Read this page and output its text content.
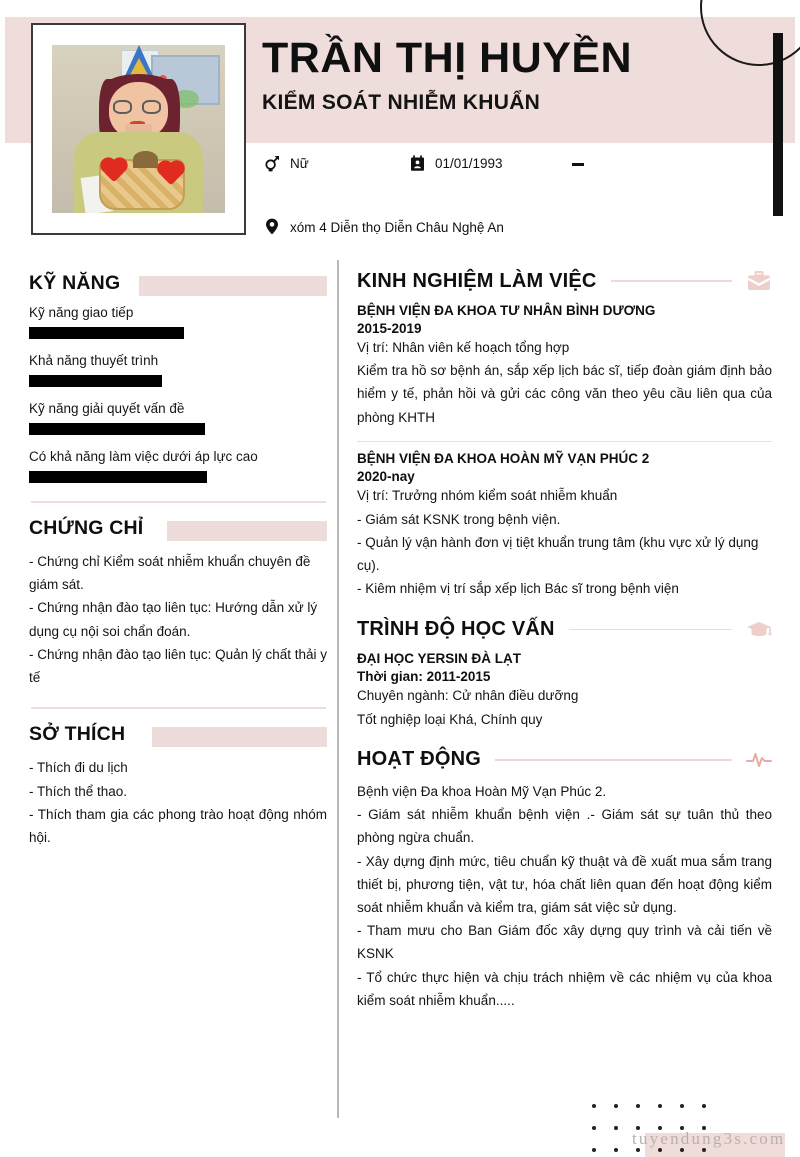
TRẦN THỊ HUYỀN
KIỂM SOÁT NHIỄM KHUẨN
Nữ	01/01/1993
xóm 4 Diễn thọ Diễn Châu Nghệ An
KỸ NĂNG
Kỹ năng giao tiếp
Khả năng thuyết trình
Kỹ năng giải quyết vấn đề
Có khả năng làm việc dưới áp lực cao
CHỨNG CHỈ
- Chứng chỉ Kiểm soát nhiễm khuẩn chuyên đề giám sát.
- Chứng nhận đào tạo liên tục: Hướng dẫn xử lý dụng cụ nội soi chẩn đoán.
- Chứng nhận đào tạo liên tục: Quản lý chất thải y tế
SỞ THÍCH
- Thích đi du lịch
- Thích thể thao.
- Thích tham gia các phong trào hoạt động nhóm hội.
KINH NGHIỆM LÀM VIỆC
BỆNH VIỆN ĐA KHOA TƯ NHÂN BÌNH DƯƠNG
2015-2019
Vị trí: Nhân viên kế hoạch tổng hợp
Kiểm tra hồ sơ bệnh án, sắp xếp lịch bác sĩ, tiếp đoàn giám định bảo hiểm y tế, phản hồi và gửi các công văn theo yêu cầu liên qua của phòng KHTH
BỆNH VIỆN ĐA KHOA HOÀN MỸ VẠN PHÚC 2
2020-nay
Vị trí: Trưởng nhóm kiểm soát nhiễm khuẩn
- Giám sát KSNK trong bệnh viện.
- Quản lý vận hành đơn vị tiệt khuẩn trung tâm (khu vực xử lý dụng cụ).
- Kiêm nhiệm vị trí sắp xếp lịch Bác sĩ trong bệnh viện
TRÌNH ĐỘ HỌC VẤN
ĐẠI HỌC YERSIN ĐÀ LẠT
Thời gian: 2011-2015
Chuyên ngành: Cử nhân điều dưỡng
Tốt nghiệp loại Khá, Chính quy
HOẠT ĐỘNG
Bệnh viện Đa khoa Hoàn Mỹ Vạn Phúc 2.
- Giám sát nhiễm khuẩn bệnh viện .- Giám sát sự tuân thủ theo phòng ngừa chuẩn.
- Xây dựng định mức, tiêu chuẩn kỹ thuật và đề xuất mua sắm trang thiết bị, phương tiện, vật tư, hóa chất liên quan đến hoạt động kiểm soát nhiễm khuẩn và kiểm tra, giám sát việc sử dụng.
- Tham mưu cho Ban Giám đốc xây dựng quy trình và cải tiến về KSNK
- Tổ chức thực hiện và chịu trách nhiệm về các nhiệm vụ của khoa kiểm soát nhiễm khuẩn.....
tuyendung3s.com
